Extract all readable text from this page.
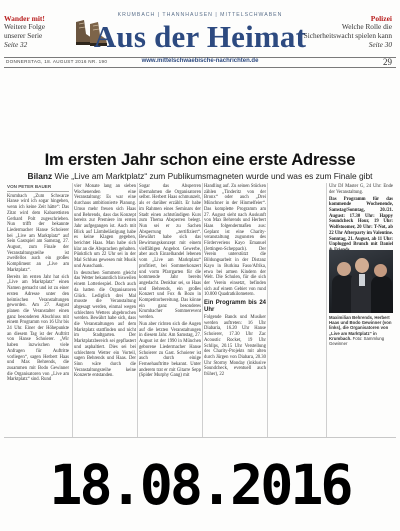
KRUMBACH | THANNHAUSEN | MITTELSCHWABEN
Wander mit!
Weitere Folge
unserer Serie
Seite 32	Aus der Heimat
Polizei
Welche Rolle die
Sicherheitswacht spielen kann
Seite 30
DONNERSTAG, 18. AUGUST 2016 NR. 190	www.mittelschwaebische-nachrichten.de	29
Im ersten Jahr schon eine erste Adresse
Bilanz Wie „Live am Marktplatz“ zum Publikumsmagneten wurde und was es zum Finale gibt
VON PETER BAUER

Krumbach „Zum Schwarze Hanse wird ich sogar hingehen, wenn ich keine Zeit hätte“: Das Zitat wird dem Kabarettisten Gerhard Polt zugeschrieben. Nun trifft der bekannte Liedermacher Hanse Schoierer bei „Live am Marktplatz“ auf Sein Gastspiel am Samstag, 27. August, zum Finale der Veranstaltungsreihe ist zweifellos auch ein großes Kompliment an „Live am Marktplatz“.

Bereits im ersten Jahr hat sich „Live am Marktplatz“ einen Namen gemacht und ist zu einer ersten Adresse unter den heimischen Veranstaltungen geworden. Am 27. August planen die Veranstalter einen ganz besonderen Abschluss mit einem Programm von 16 Uhr bis 24 Uhr. Einer der Höhepunkte an diesem Tag ist der Auftritt von Hanse Schoierer. „Wir haben inzwischen viele Anfragen für Auftritte vorliegen“, sagen Herbert Haas und Max Behrends, die zusammen mit Bodo Gewinner die Organisatoren von „Live am Marktplatz“ sind. Rund

vier Monate lang an sieben Wochenenden eine Veranstaltung: Es war eine durchaus ambitionierte Planung. Umso mehr freuen sich Haas und Behrends, dass das Konzept bereits zur Premiere im ersten Jahr aufgegangen ist. Auch mit Blick auf Lärmbelästigung habe es keine Klagen gegeben, berichtet Haas. Man habe sich klar an die Absprachen gehalten. Pünktlich um 22 Uhr sei in der Mal Schluss gewesen mit Musik und Ausschank.

In deutschen Sommern gleicht das Wetter bekanntlich bisweilen einem Lotteriespiel. Doch auch da hatten die Organisatoren Glück. Lediglich drei Mal musste die Veranstaltung abgesagt werden, einmal wegen schlechten Wetters abgebrochen werden. Bewährt habe sich, dass die Veranstaltungen auf dem Marktplatz stattfinden und nicht im Stadtgarten. Der Marktplatzbereich sei gepflastert und asphaltiert. Dies sei bei schlechtem Wetter ein Vorteil, sagen Behrends und Haas. Der Sinn wäre durch die Veranstaltungsreihe keine Konzerte entstanden.

Sogar das Absperren übernahmen die Organisatoren selbst. Herbert Haas schmunzelt, als er darüber erzählt. Er habe im Rahmen eines Seminars der Stadt einen achtstündigen Kurs zum Thema Absperren belegt. Nun sei er zu Sachen Absperrung „zertifiziert“. Bewährt habe sich das Bewirtungskonzept mit einem vielfältigen Angebot. Gewerbe, aber auch Einzelhandel lebenen vom „Live am Marktplatz“ profitiert, bei Sommerkonzert und vorm Pfarrgarten für die kommende Jahr bereits angedacht. Denkbar sei, so Haas und Behrends, ein großes Konzert und Fox & Bozo in Kompetitorbereitung. Das könne ein ganz besonderes Krumbacher Sommerevent werden.

Nun aber richten sich die Augen auf die letzten Veranstaltungen in diesem Jahr. Am Samstag, 27. August ist der 1990 in München geborene Liedermacher Hanse Schoierer zu Gast. Schoierer ist auch durch einige Fernsehauftritte bekannt. Unter anderem trat er mit Gitarre Sepp (Spider Murphy Gang) mit

Handling auf. Zu seinen Stücken zählen „Tinderitz von der Bronx“ oder auch „Drei Münchner in der Hinmelfeier“. Das komplette Programm am 27. August sieht nach Auskunft von Max Behrends und Herbert Haas folgendermaßen aus: Geplant ist eine Charity-veranstaltung zugunsten des Förderveriens Kayo Emanuel (Jettingen-Scheppach). Der Verein unterstützt die Bildungsarbeit in der Distanz Kayo in Burkina Faso/Afrika, etwa bei armen Kindern der Welt. Die Schulen, für die sich der Verein einsetzt, befinden sich auf einem Gebiet von rund 10.000 Quadratkilometern.

Ein Programm bis 24 Uhr

Folgende Bands und Musiker werden auftreten: 16 Uhr Diabaria, 16.20 Uhr Hanse Schoierer, 17.30 Uhr Zac Acoustic Rocket, 19 Uhr Schlips, 20.15 Uhr Verstellung des Charity-Projekts mit alten durch Jürgen von Diabara, 20.30 Uhr Stormy Monday (inklusive Soundcheck, eventuell auch früher), 22

Uhr DJ Master G, 24 Uhr: Ende der Veranstaltung.

Das Programm für das kommende Wochenende, Samstag/Sonntag, 20./21. August: 17.30 Uhr: Happy Soundcheck Hour, 19 Uhr: Wolfstoomer, 20 Uhr: T-Not, ab 22 Uhr Afterparty im Valentine. Sonntag, 21. August, ab 11 Uhr: Unplugged Brunch mit Daniel

Maximilian Behrends, Herbert Haas und Bodo Gewinner (von links), die Organisatoren von „Live am Marktplatz“ in Krumbach. Foto: Sammlung Gewinner
18.08.2016
